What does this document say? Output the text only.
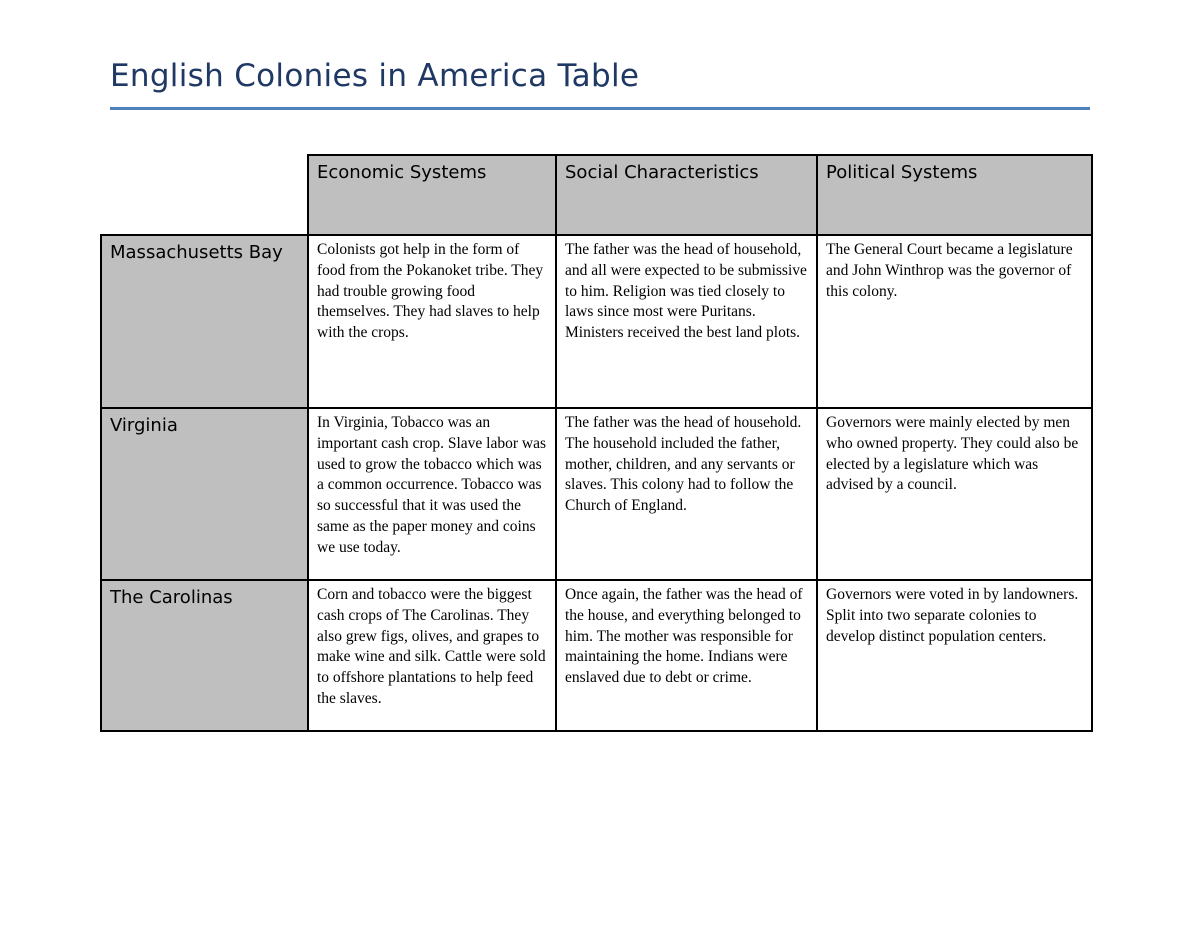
English Colonies in America Table
	Economic Systems	Social Characteristics	Political Systems
Massachusetts Bay	Colonists got help in the form of food from the Pokanoket tribe. They had trouble growing food themselves. They had slaves to help with the crops.	The father was the head of household, and all were expected to be submissive to him. Religion was tied closely to laws since most were Puritans. Ministers received the best land plots.	The General Court became a legislature and John Winthrop was the governor of this colony.
Virginia	In Virginia, Tobacco was an important cash crop. Slave labor was used to grow the tobacco which was a common occurrence. Tobacco was so successful that it was used the same as the paper money and coins we use today.	The father was the head of household. The household included the father, mother, children, and any servants or slaves. This colony had to follow the Church of England.	Governors were mainly elected by men who owned property. They could also be elected by a legislature which was advised by a council.
The Carolinas	Corn and tobacco were the biggest cash crops of The Carolinas. They also grew figs, olives, and grapes to make wine and silk. Cattle were sold to offshore plantations to help feed the slaves.	Once again, the father was the head of the house, and everything belonged to him. The mother was responsible for maintaining the home. Indians were enslaved due to debt or crime.	Governors were voted in by landowners. Split into two separate colonies to develop distinct population centers.
